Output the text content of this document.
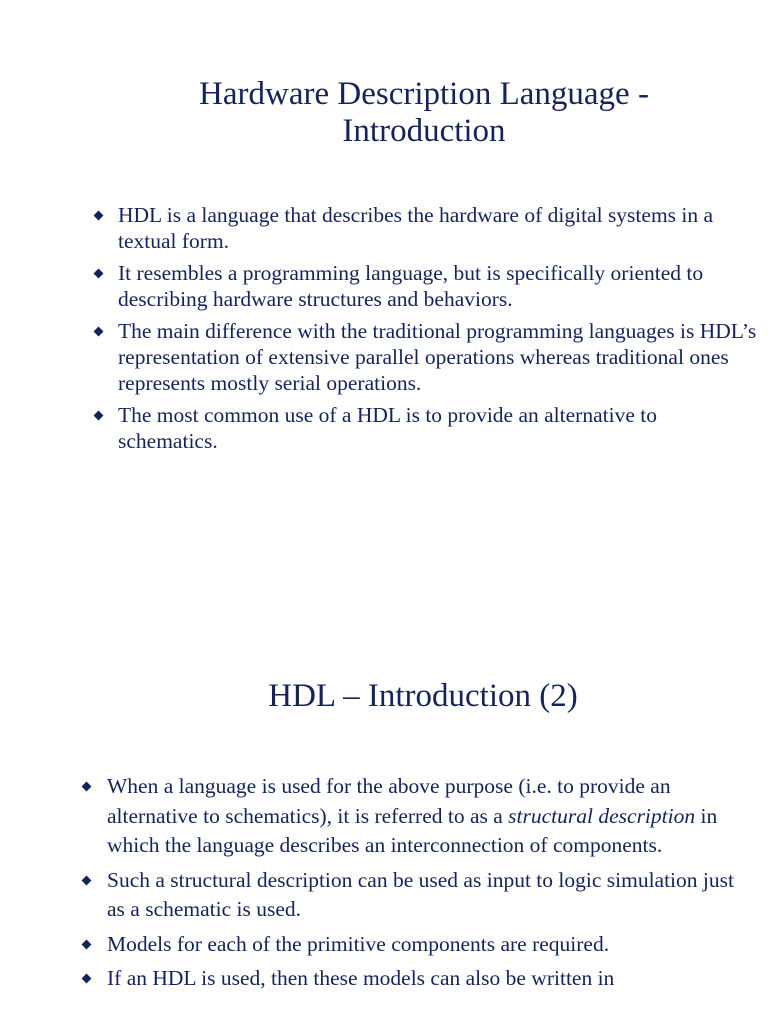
Hardware Description Language -
Introduction
HDL is a language that describes the hardware of digital systems in a textual form.
It resembles a programming language, but is specifically oriented to describing hardware structures and behaviors.
The main difference with the traditional programming languages is HDL’s representation of extensive parallel operations whereas traditional ones represents mostly serial operations.
The most common use of a HDL is to provide an alternative to schematics.
HDL – Introduction (2)
When a language is used for the above purpose (i.e. to provide an alternative to schematics), it is referred to as a structural description in which the language describes an interconnection of components.
Such a structural description can be used as input to logic simulation just as a schematic is used.
Models for each of the primitive components are required.
If an HDL is used, then these models can also be written in
